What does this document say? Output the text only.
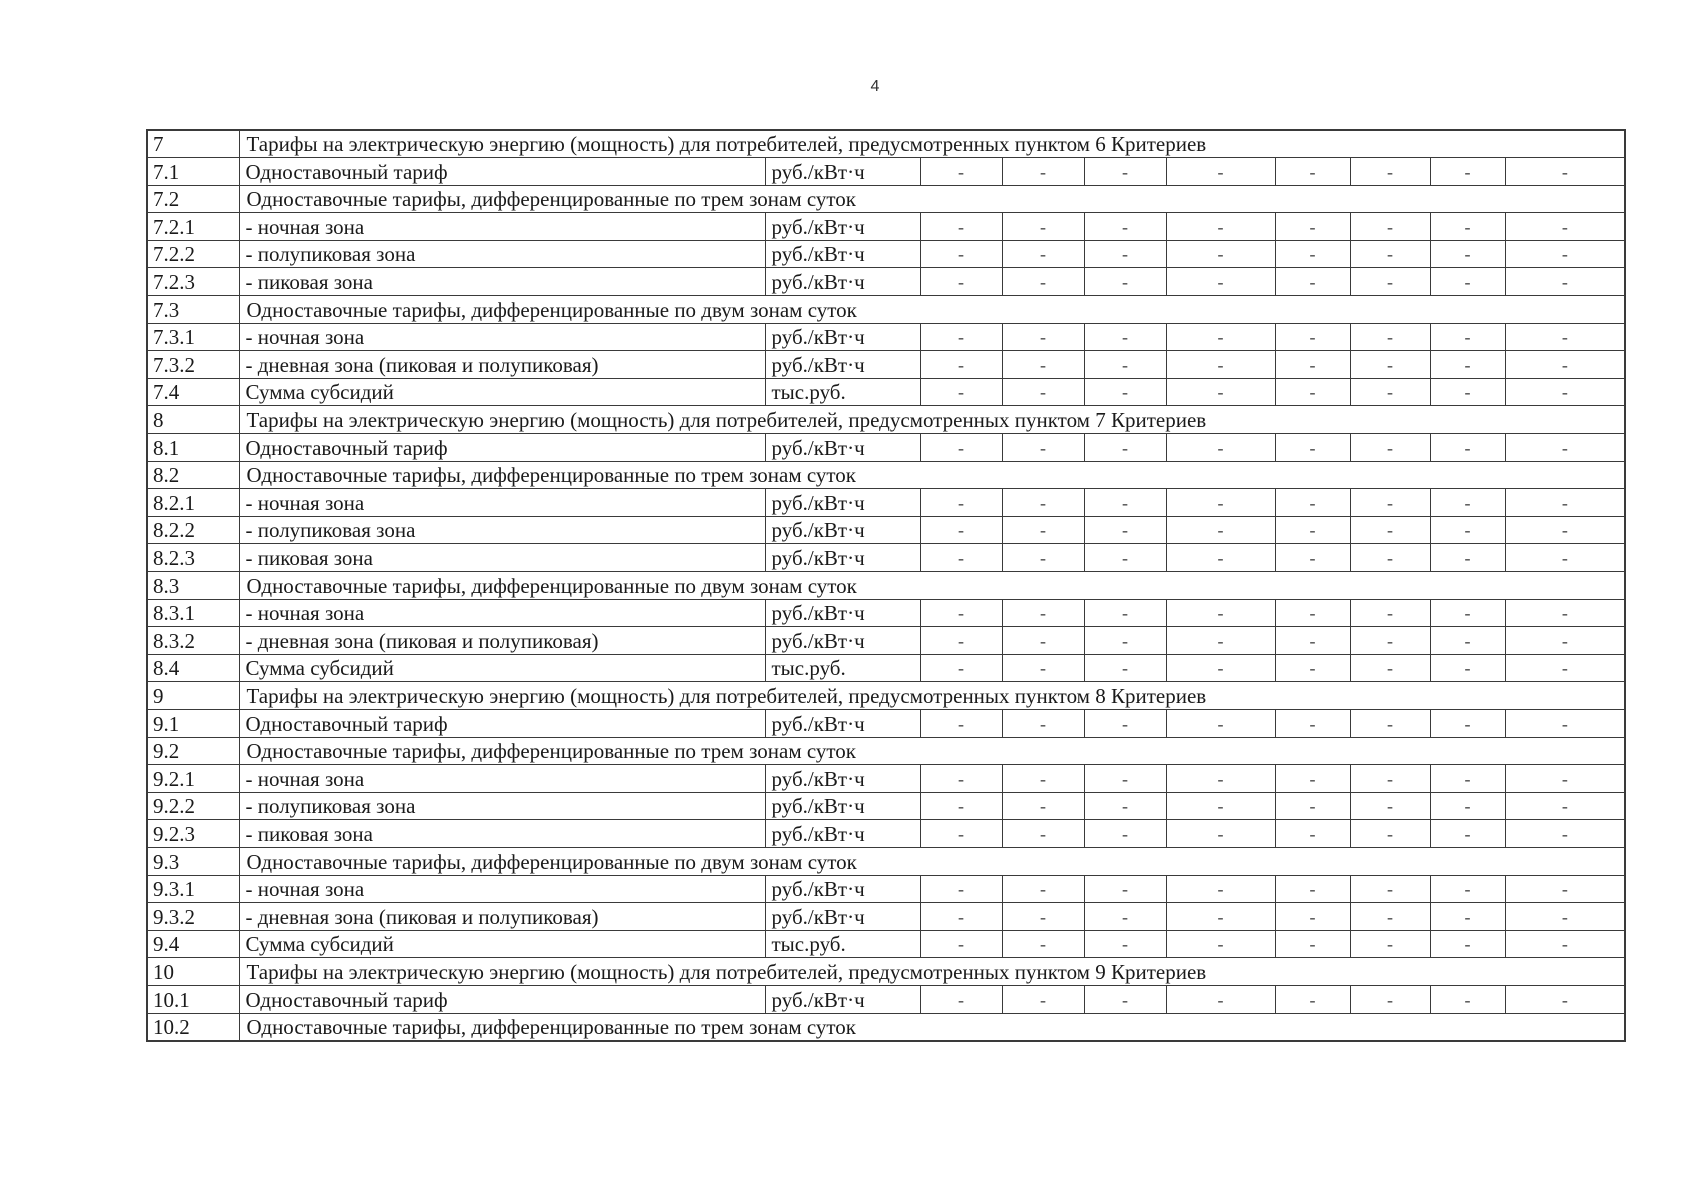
4
7	Тарифы на электрическую энергию (мощность) для потребителей, предусмотренных пунктом 6 Критериев									
7.1	Одноставочный тариф	руб./кВт·ч	-	-	-	-	-	-	-	-
7.2	Одноставочные тарифы, дифференцированные по трем зонам суток									
7.2.1	- ночная зона	руб./кВт·ч	-	-	-	-	-	-	-	-
7.2.2	- полупиковая зона	руб./кВт·ч	-	-	-	-	-	-	-	-
7.2.3	- пиковая зона	руб./кВт·ч	-	-	-	-	-	-	-	-
7.3	Одноставочные тарифы, дифференцированные по двум зонам суток									
7.3.1	- ночная зона	руб./кВт·ч	-	-	-	-	-	-	-	-
7.3.2	- дневная зона (пиковая и полупиковая)	руб./кВт·ч	-	-	-	-	-	-	-	-
7.4	Сумма субсидий	тыс.руб.	-	-	-	-	-	-	-	-
8	Тарифы на электрическую энергию (мощность) для потребителей, предусмотренных пунктом 7 Критериев									
8.1	Одноставочный тариф	руб./кВт·ч	-	-	-	-	-	-	-	-
8.2	Одноставочные тарифы, дифференцированные по трем зонам суток									
8.2.1	- ночная зона	руб./кВт·ч	-	-	-	-	-	-	-	-
8.2.2	- полупиковая зона	руб./кВт·ч	-	-	-	-	-	-	-	-
8.2.3	- пиковая зона	руб./кВт·ч	-	-	-	-	-	-	-	-
8.3	Одноставочные тарифы, дифференцированные по двум зонам суток									
8.3.1	- ночная зона	руб./кВт·ч	-	-	-	-	-	-	-	-
8.3.2	- дневная зона (пиковая и полупиковая)	руб./кВт·ч	-	-	-	-	-	-	-	-
8.4	Сумма субсидий	тыс.руб.	-	-	-	-	-	-	-	-
9	Тарифы на электрическую энергию (мощность) для потребителей, предусмотренных пунктом 8 Критериев									
9.1	Одноставочный тариф	руб./кВт·ч	-	-	-	-	-	-	-	-
9.2	Одноставочные тарифы, дифференцированные по трем зонам суток									
9.2.1	- ночная зона	руб./кВт·ч	-	-	-	-	-	-	-	-
9.2.2	- полупиковая зона	руб./кВт·ч	-	-	-	-	-	-	-	-
9.2.3	- пиковая зона	руб./кВт·ч	-	-	-	-	-	-	-	-
9.3	Одноставочные тарифы, дифференцированные по двум зонам суток									
9.3.1	- ночная зона	руб./кВт·ч	-	-	-	-	-	-	-	-
9.3.2	- дневная зона (пиковая и полупиковая)	руб./кВт·ч	-	-	-	-	-	-	-	-
9.4	Сумма субсидий	тыс.руб.	-	-	-	-	-	-	-	-
10	Тарифы на электрическую энергию (мощность) для потребителей, предусмотренных пунктом 9 Критериев									
10.1	Одноставочный тариф	руб./кВт·ч	-	-	-	-	-	-	-	-
10.2	Одноставочные тарифы, дифференцированные по трем зонам суток									
